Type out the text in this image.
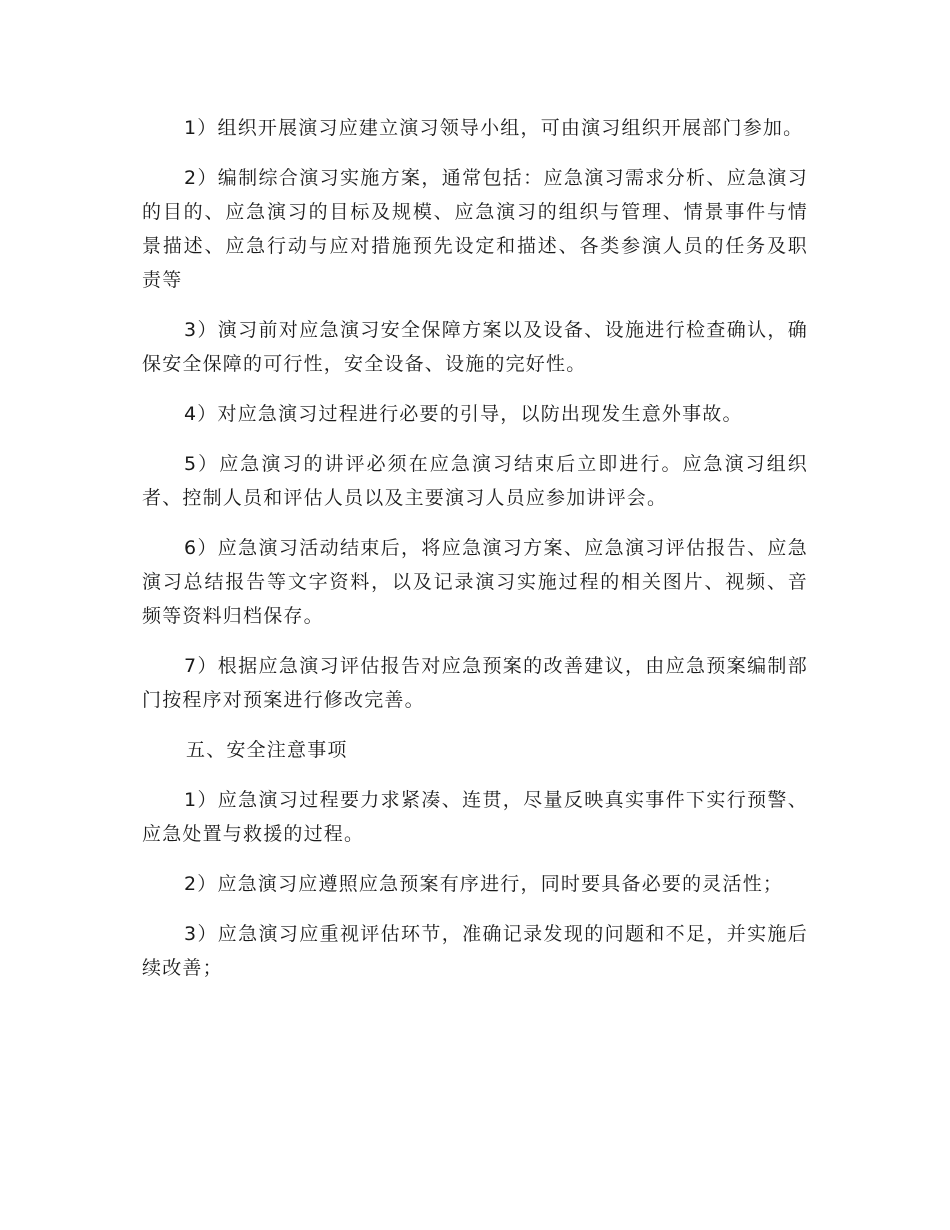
1）组织开展演习应建立演习领导小组，可由演习组织开展部门参加。

2）编制综合演习实施方案，通常包括：应急演习需求分析、应急演习的目的、应急演习的目标及规模、应急演习的组织与管理、情景事件与情景描述、应急行动与应对措施预先设定和描述、各类参演人员的任务及职责等

3）演习前对应急演习安全保障方案以及设备、设施进行检查确认，确保安全保障的可行性，安全设备、设施的完好性。

4）对应急演习过程进行必要的引导，以防出现发生意外事故。

5）应急演习的讲评必须在应急演习结束后立即进行。应急演习组织者、控制人员和评估人员以及主要演习人员应参加讲评会。

6）应急演习活动结束后，将应急演习方案、应急演习评估报告、应急演习总结报告等文字资料，以及记录演习实施过程的相关图片、视频、音频等资料归档保存。

7）根据应急演习评估报告对应急预案的改善建议，由应急预案编制部门按程序对预案进行修改完善。

五、安全注意事项

1）应急演习过程要力求紧凑、连贯，尽量反映真实事件下实行预警、应急处置与救援的过程。

2）应急演习应遵照应急预案有序进行，同时要具备必要的灵活性；

3）应急演习应重视评估环节，准确记录发现的问题和不足，并实施后续改善；
